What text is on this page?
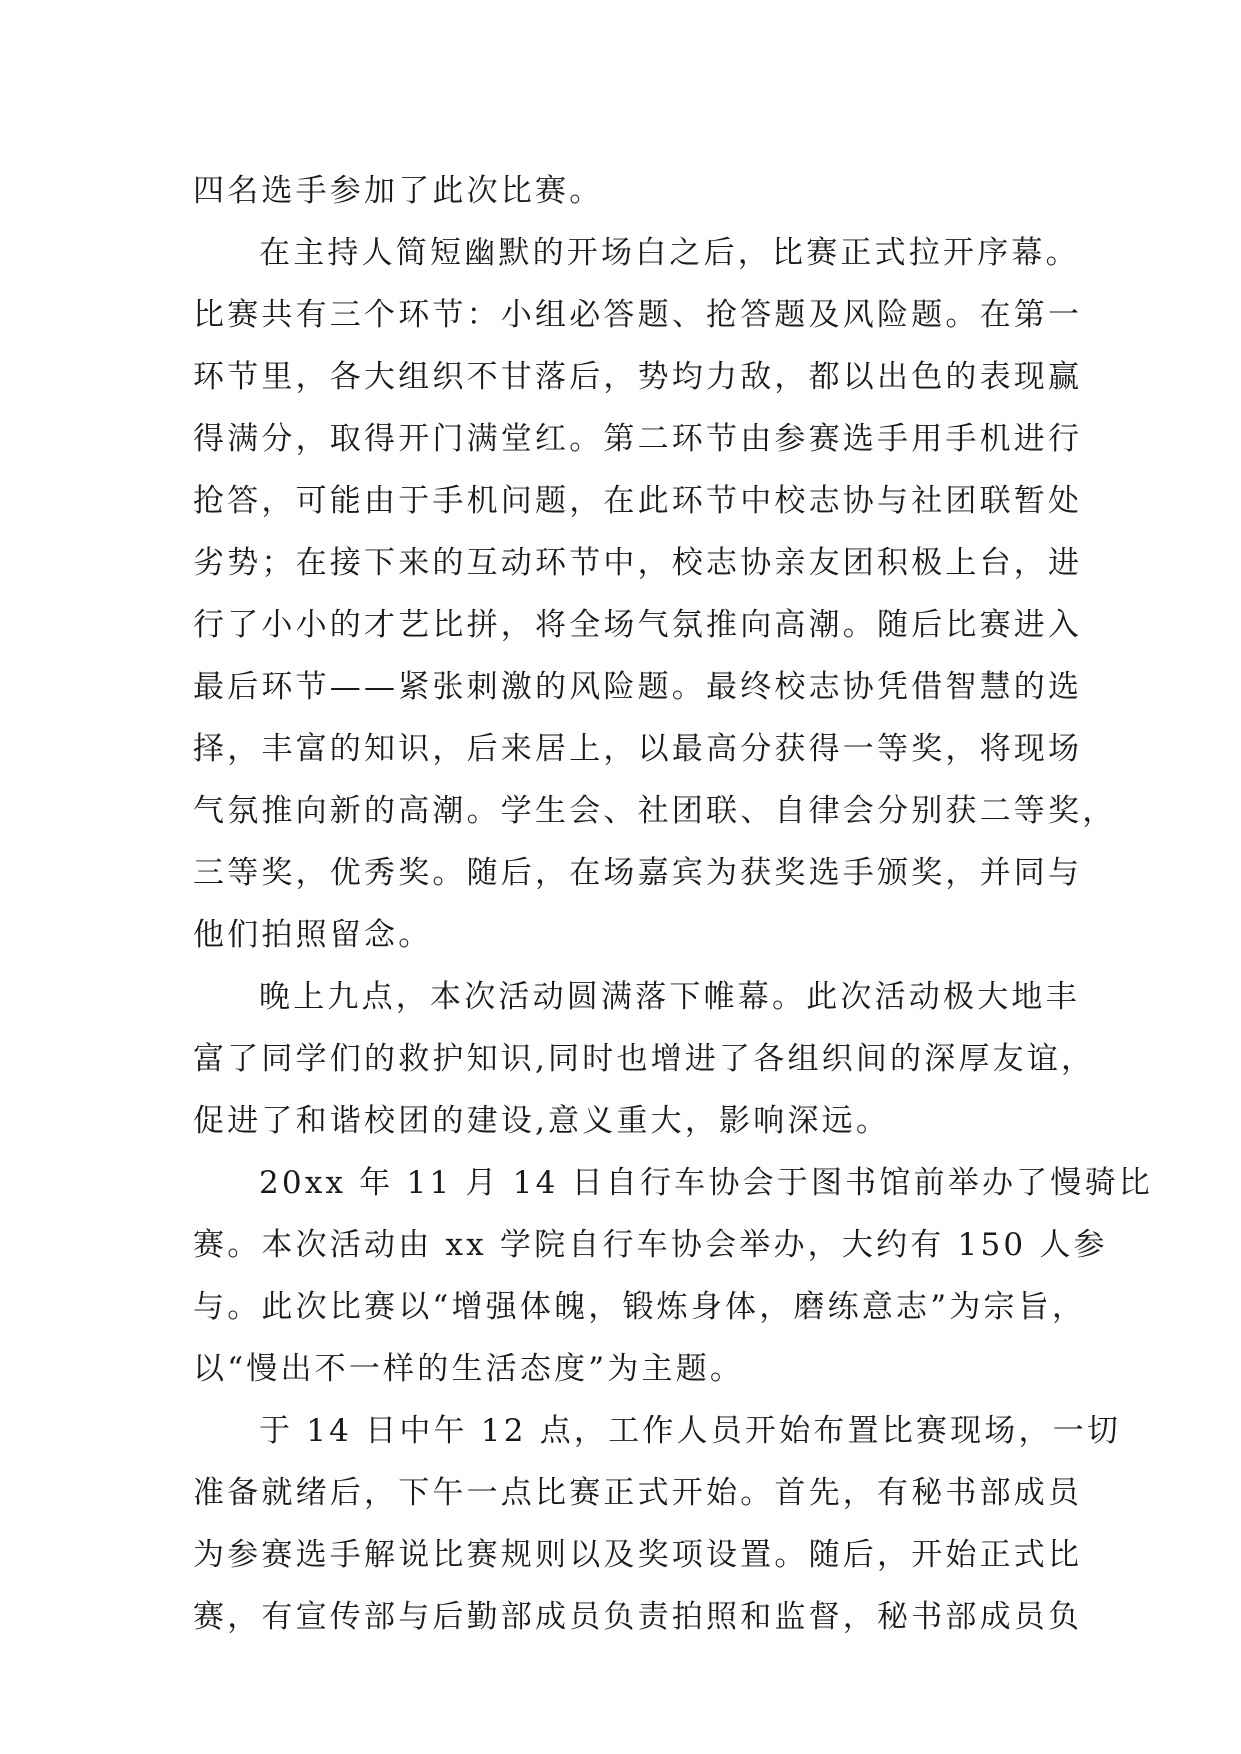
四名选手参加了此次比赛。
在主持人简短幽默的开场白之后，比赛正式拉开序幕。
比赛共有三个环节：小组必答题、抢答题及风险题。在第一
环节里，各大组织不甘落后，势均力敌，都以出色的表现赢
得满分，取得开门满堂红。第二环节由参赛选手用手机进行
抢答，可能由于手机问题，在此环节中校志协与社团联暂处
劣势；在接下来的互动环节中，校志协亲友团积极上台，进
行了小小的才艺比拼，将全场气氛推向高潮。随后比赛进入
最后环节——紧张刺激的风险题。最终校志协凭借智慧的选
择，丰富的知识，后来居上，以最高分获得一等奖，将现场
气氛推向新的高潮。学生会、社团联、自律会分别获二等奖，
三等奖，优秀奖。随后，在场嘉宾为获奖选手颁奖，并同与
他们拍照留念。
晚上九点，本次活动圆满落下帷幕。此次活动极大地丰
富了同学们的救护知识,同时也增进了各组织间的深厚友谊，
促进了和谐校团的建设,意义重大，影响深远。
20xx 年 11 月 14 日自行车协会于图书馆前举办了慢骑比
赛。本次活动由 xx 学院自行车协会举办，大约有 150 人参
与。此次比赛以“增强体魄，锻炼身体，磨练意志”为宗旨，
以“慢出不一样的生活态度”为主题。
于 14 日中午 12 点，工作人员开始布置比赛现场，一切
准备就绪后，下午一点比赛正式开始。首先，有秘书部成员
为参赛选手解说比赛规则以及奖项设置。随后，开始正式比
赛，有宣传部与后勤部成员负责拍照和监督，秘书部成员负
